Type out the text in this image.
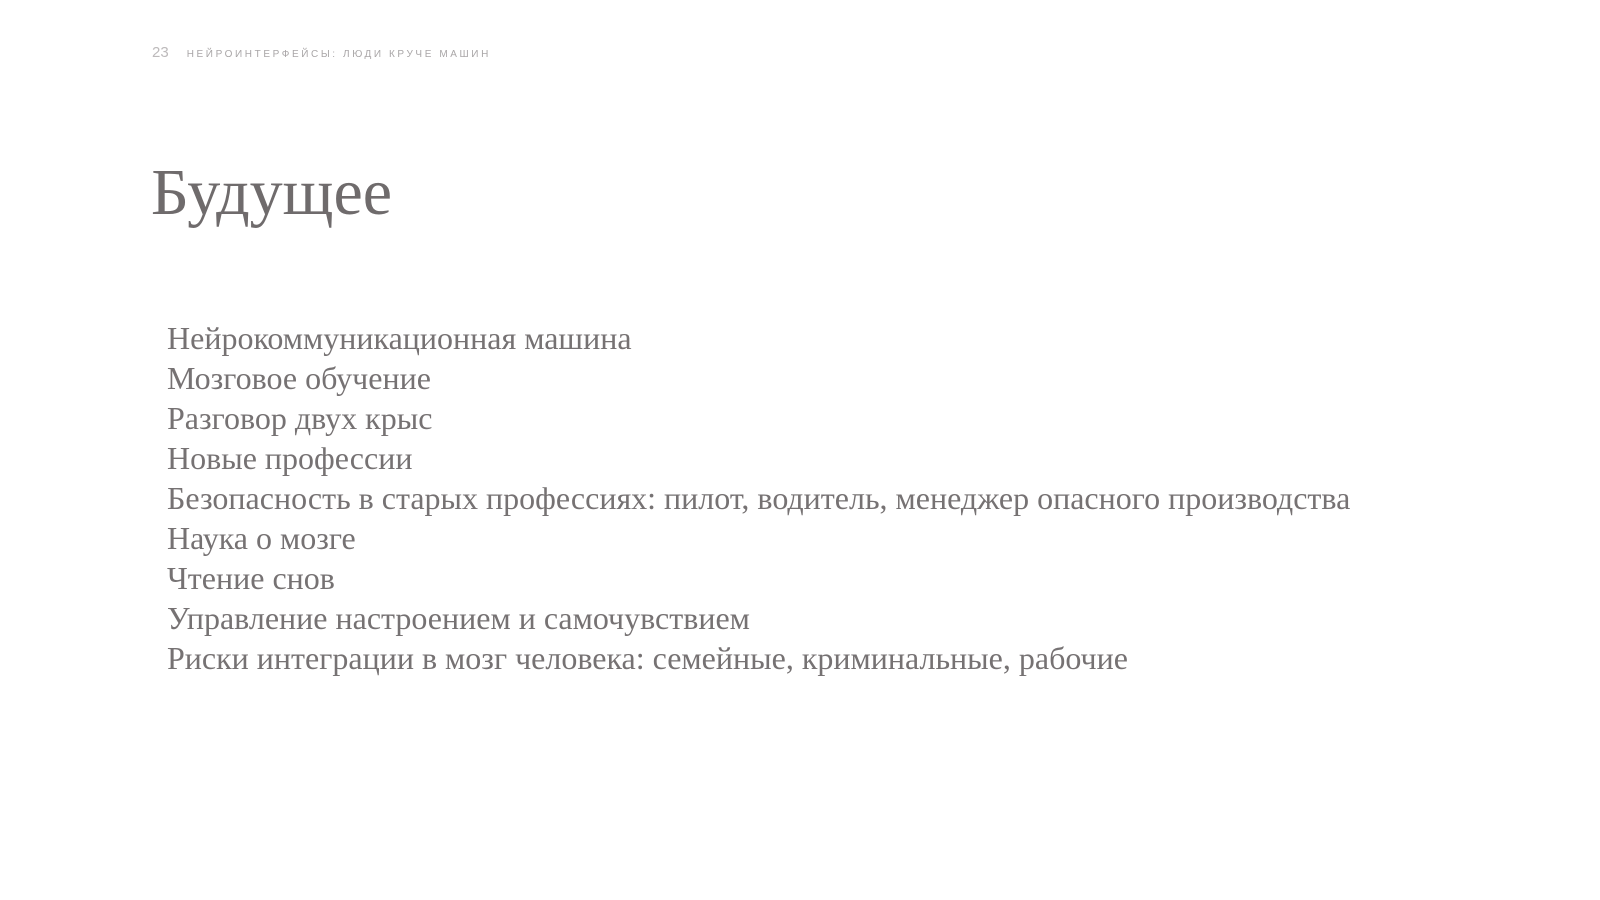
23 НЕЙРОИНТЕРФЕЙСЫ: ЛЮДИ КРУЧЕ МАШИН
Будущее
Нейрокоммуникационная машина
Мозговое обучение
Разговор двух крыс
Новые профессии
Безопасность в старых профессиях: пилот, водитель, менеджер опасного производства
Наука о мозге
Чтение снов
Управление настроением и самочувствием
Риски интеграции в мозг человека: семейные, криминальные, рабочие
